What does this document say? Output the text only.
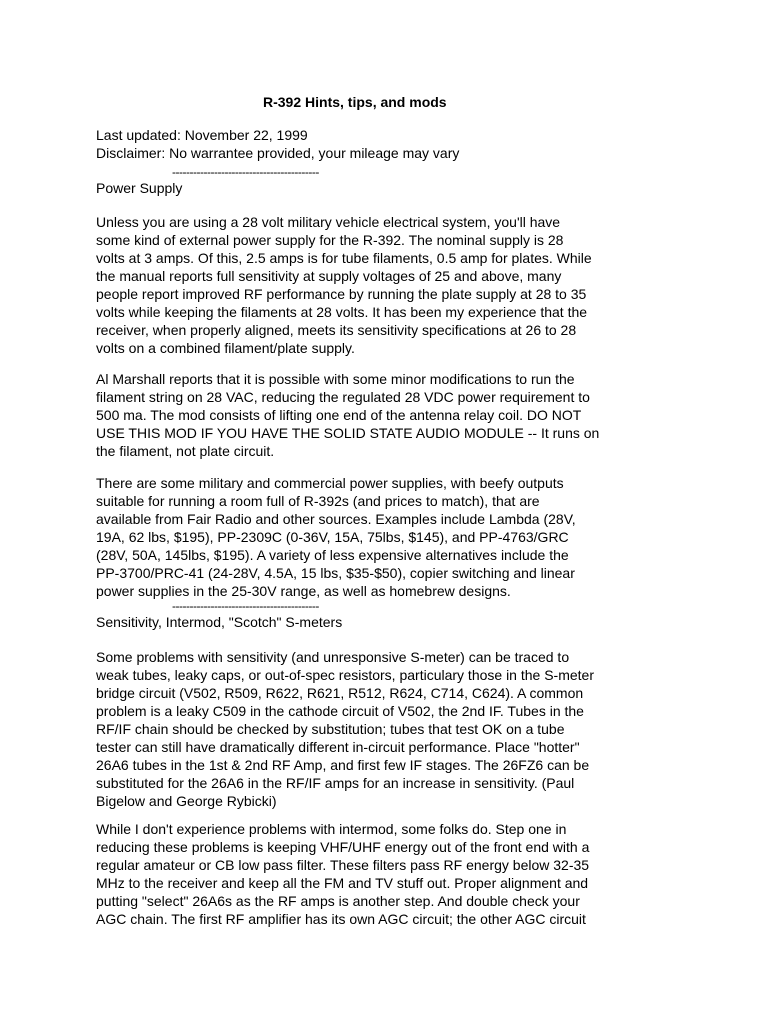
R-392 Hints, tips, and mods
Last updated: November 22, 1999
Disclaimer: No warrantee provided, your mileage may vary
------------------------------------------
Power Supply
Unless you are using a 28 volt military vehicle electrical system, you'll have
some kind of external power supply for the R-392. The nominal supply is 28
volts at 3 amps. Of this, 2.5 amps is for tube filaments, 0.5 amp for plates. While
the manual reports full sensitivity at supply voltages of 25 and above, many
people report improved RF performance by running the plate supply at 28 to 35
volts while keeping the filaments at 28 volts. It has been my experience that the
receiver, when properly aligned, meets its sensitivity specifications at 26 to 28
volts on a combined filament/plate supply.
Al Marshall reports that it is possible with some minor modifications to run the
filament string on 28 VAC, reducing the regulated 28 VDC power requirement to
500 ma. The mod consists of lifting one end of the antenna relay coil. DO NOT
USE THIS MOD IF YOU HAVE THE SOLID STATE AUDIO MODULE -- It runs on
the filament, not plate circuit.
There are some military and commercial power supplies, with beefy outputs
suitable for running a room full of R-392s (and prices to match), that are
available from Fair Radio and other sources. Examples include Lambda (28V,
19A, 62 lbs, $195), PP-2309C (0-36V, 15A, 75lbs, $145), and PP-4763/GRC
(28V, 50A, 145lbs, $195). A variety of less expensive alternatives include the
PP-3700/PRC-41 (24-28V, 4.5A, 15 lbs, $35-$50), copier switching and linear
power supplies in the 25-30V range, as well as homebrew designs.
------------------------------------------
Sensitivity, Intermod, "Scotch" S-meters
Some problems with sensitivity (and unresponsive S-meter) can be traced to
weak tubes, leaky caps, or out-of-spec resistors, particulary those in the S-meter
bridge circuit (V502, R509, R622, R621, R512, R624, C714, C624). A common
problem is a leaky C509 in the cathode circuit of V502, the 2nd IF. Tubes in the
RF/IF chain should be checked by substitution; tubes that test OK on a tube
tester can still have dramatically different in-circuit performance. Place "hotter"
26A6 tubes in the 1st & 2nd RF Amp, and first few IF stages. The 26FZ6 can be
substituted for the 26A6 in the RF/IF amps for an increase in sensitivity. (Paul
Bigelow and George Rybicki)
While I don't experience problems with intermod, some folks do. Step one in
reducing these problems is keeping VHF/UHF energy out of the front end with a
regular amateur or CB low pass filter. These filters pass RF energy below 32-35
MHz to the receiver and keep all the FM and TV stuff out. Proper alignment and
putting "select" 26A6s as the RF amps is another step. And double check your
AGC chain. The first RF amplifier has its own AGC circuit; the other AGC circuit
